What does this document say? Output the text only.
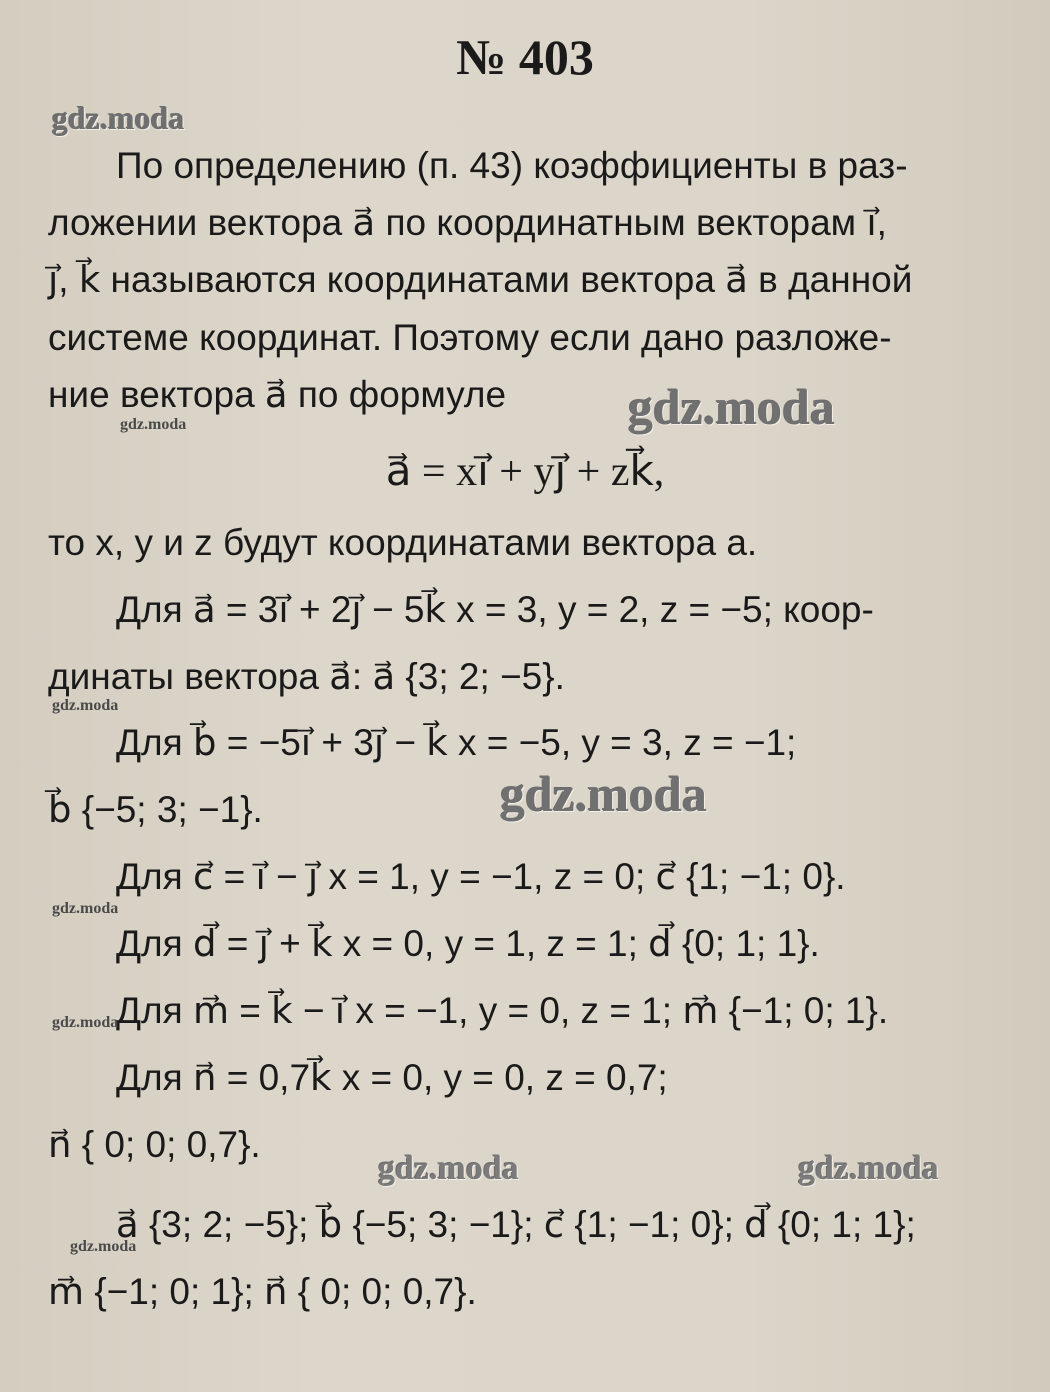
№ 403
gdz.moda
По определению (п. 43) коэффициенты в раз-
ложении вектора a⃗ по координатным векторам i⃗,
j⃗, k⃗ называются координатами вектора a⃗ в данной
системе координат. Поэтому если дано разложе-
ние вектора a⃗ по формуле	gdz.moda
gdz.moda
a⃗ = xi⃗ + yj⃗ + zk⃗,
то x, y и z будут координатами вектора a.
Для a⃗ = 3i⃗ + 2j⃗ − 5k⃗ x = 3, y = 2, z = −5; коор-
динаты вектора a⃗: a⃗ {3; 2; −5}.
gdz.moda
Для b⃗ = −5i⃗ + 3j⃗ − k⃗ x = −5, y = 3, z = −1;
gdz.moda
b⃗ {−5; 3; −1}.
Для c⃗ = i⃗ − j⃗ x = 1, y = −1, z = 0; c⃗ {1; −1; 0}.
gdz.moda
Для d⃗ = j⃗ + k⃗ x = 0, y = 1, z = 1; d⃗ {0; 1; 1}.
Для m⃗ = k⃗ − i⃗ x = −1, y = 0, z = 1; m⃗ {−1; 0; 1}.
gdz.moda
Для n⃗ = 0,7k⃗ x = 0, y = 0, z = 0,7;
n⃗ { 0; 0; 0,7}.
gdz.moda	gdz.moda
gdz.moda
a⃗ {3; 2; −5}; b⃗ {−5; 3; −1}; c⃗ {1; −1; 0}; d⃗ {0; 1; 1};
m⃗ {−1; 0; 1}; n⃗ { 0; 0; 0,7}.
